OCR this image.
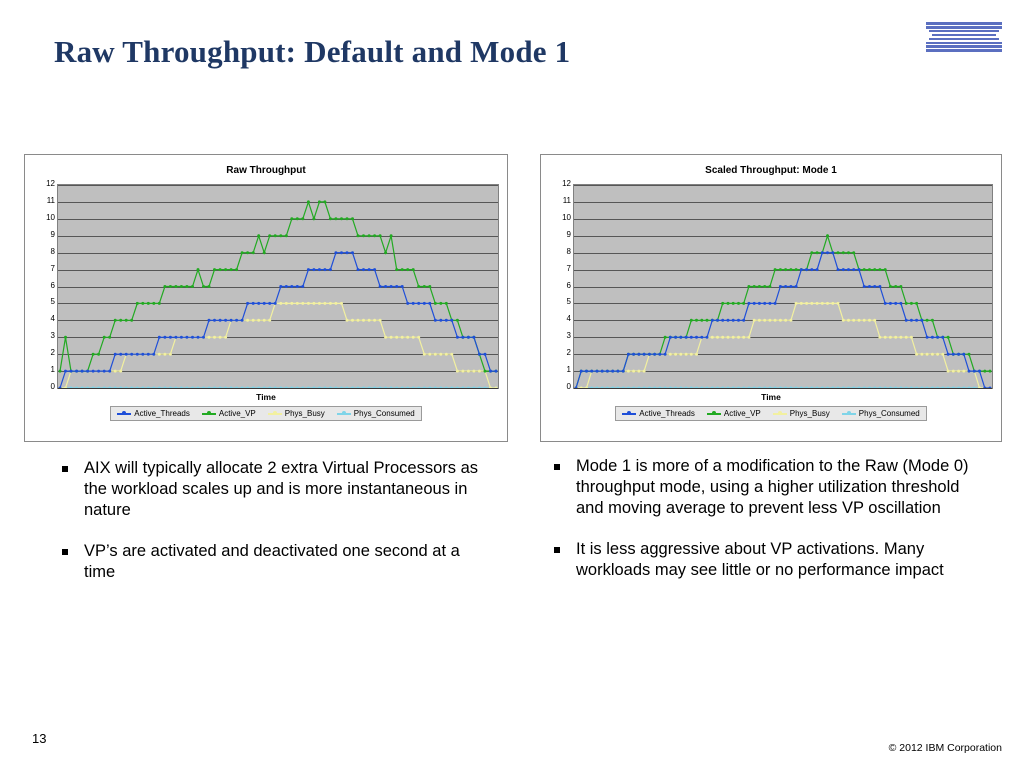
Raw Throughput: Default and Mode 1
Raw Throughput
0
1
2
3
4
5
6
7
8
9
10
11
12
Time
Active_Threads	Active_VP	Phys_Busy	Phys_Consumed
Scaled Throughput: Mode 1
0
1
2
3
4
5
6
7
8
9
10
11
12
Time
Active_Threads	Active_VP	Phys_Busy	Phys_Consumed
AIX will typically allocate 2 extra Virtual Processors as the workload scales up and is more instantaneous in nature
VP’s are activated and deactivated one second at a time
Mode 1 is more of a modification to the Raw (Mode 0) throughput mode, using a higher utilization threshold and moving average to prevent less VP oscillation
It is less aggressive about VP activations. Many workloads may see little or no performance impact
13
© 2012 IBM Corporation
